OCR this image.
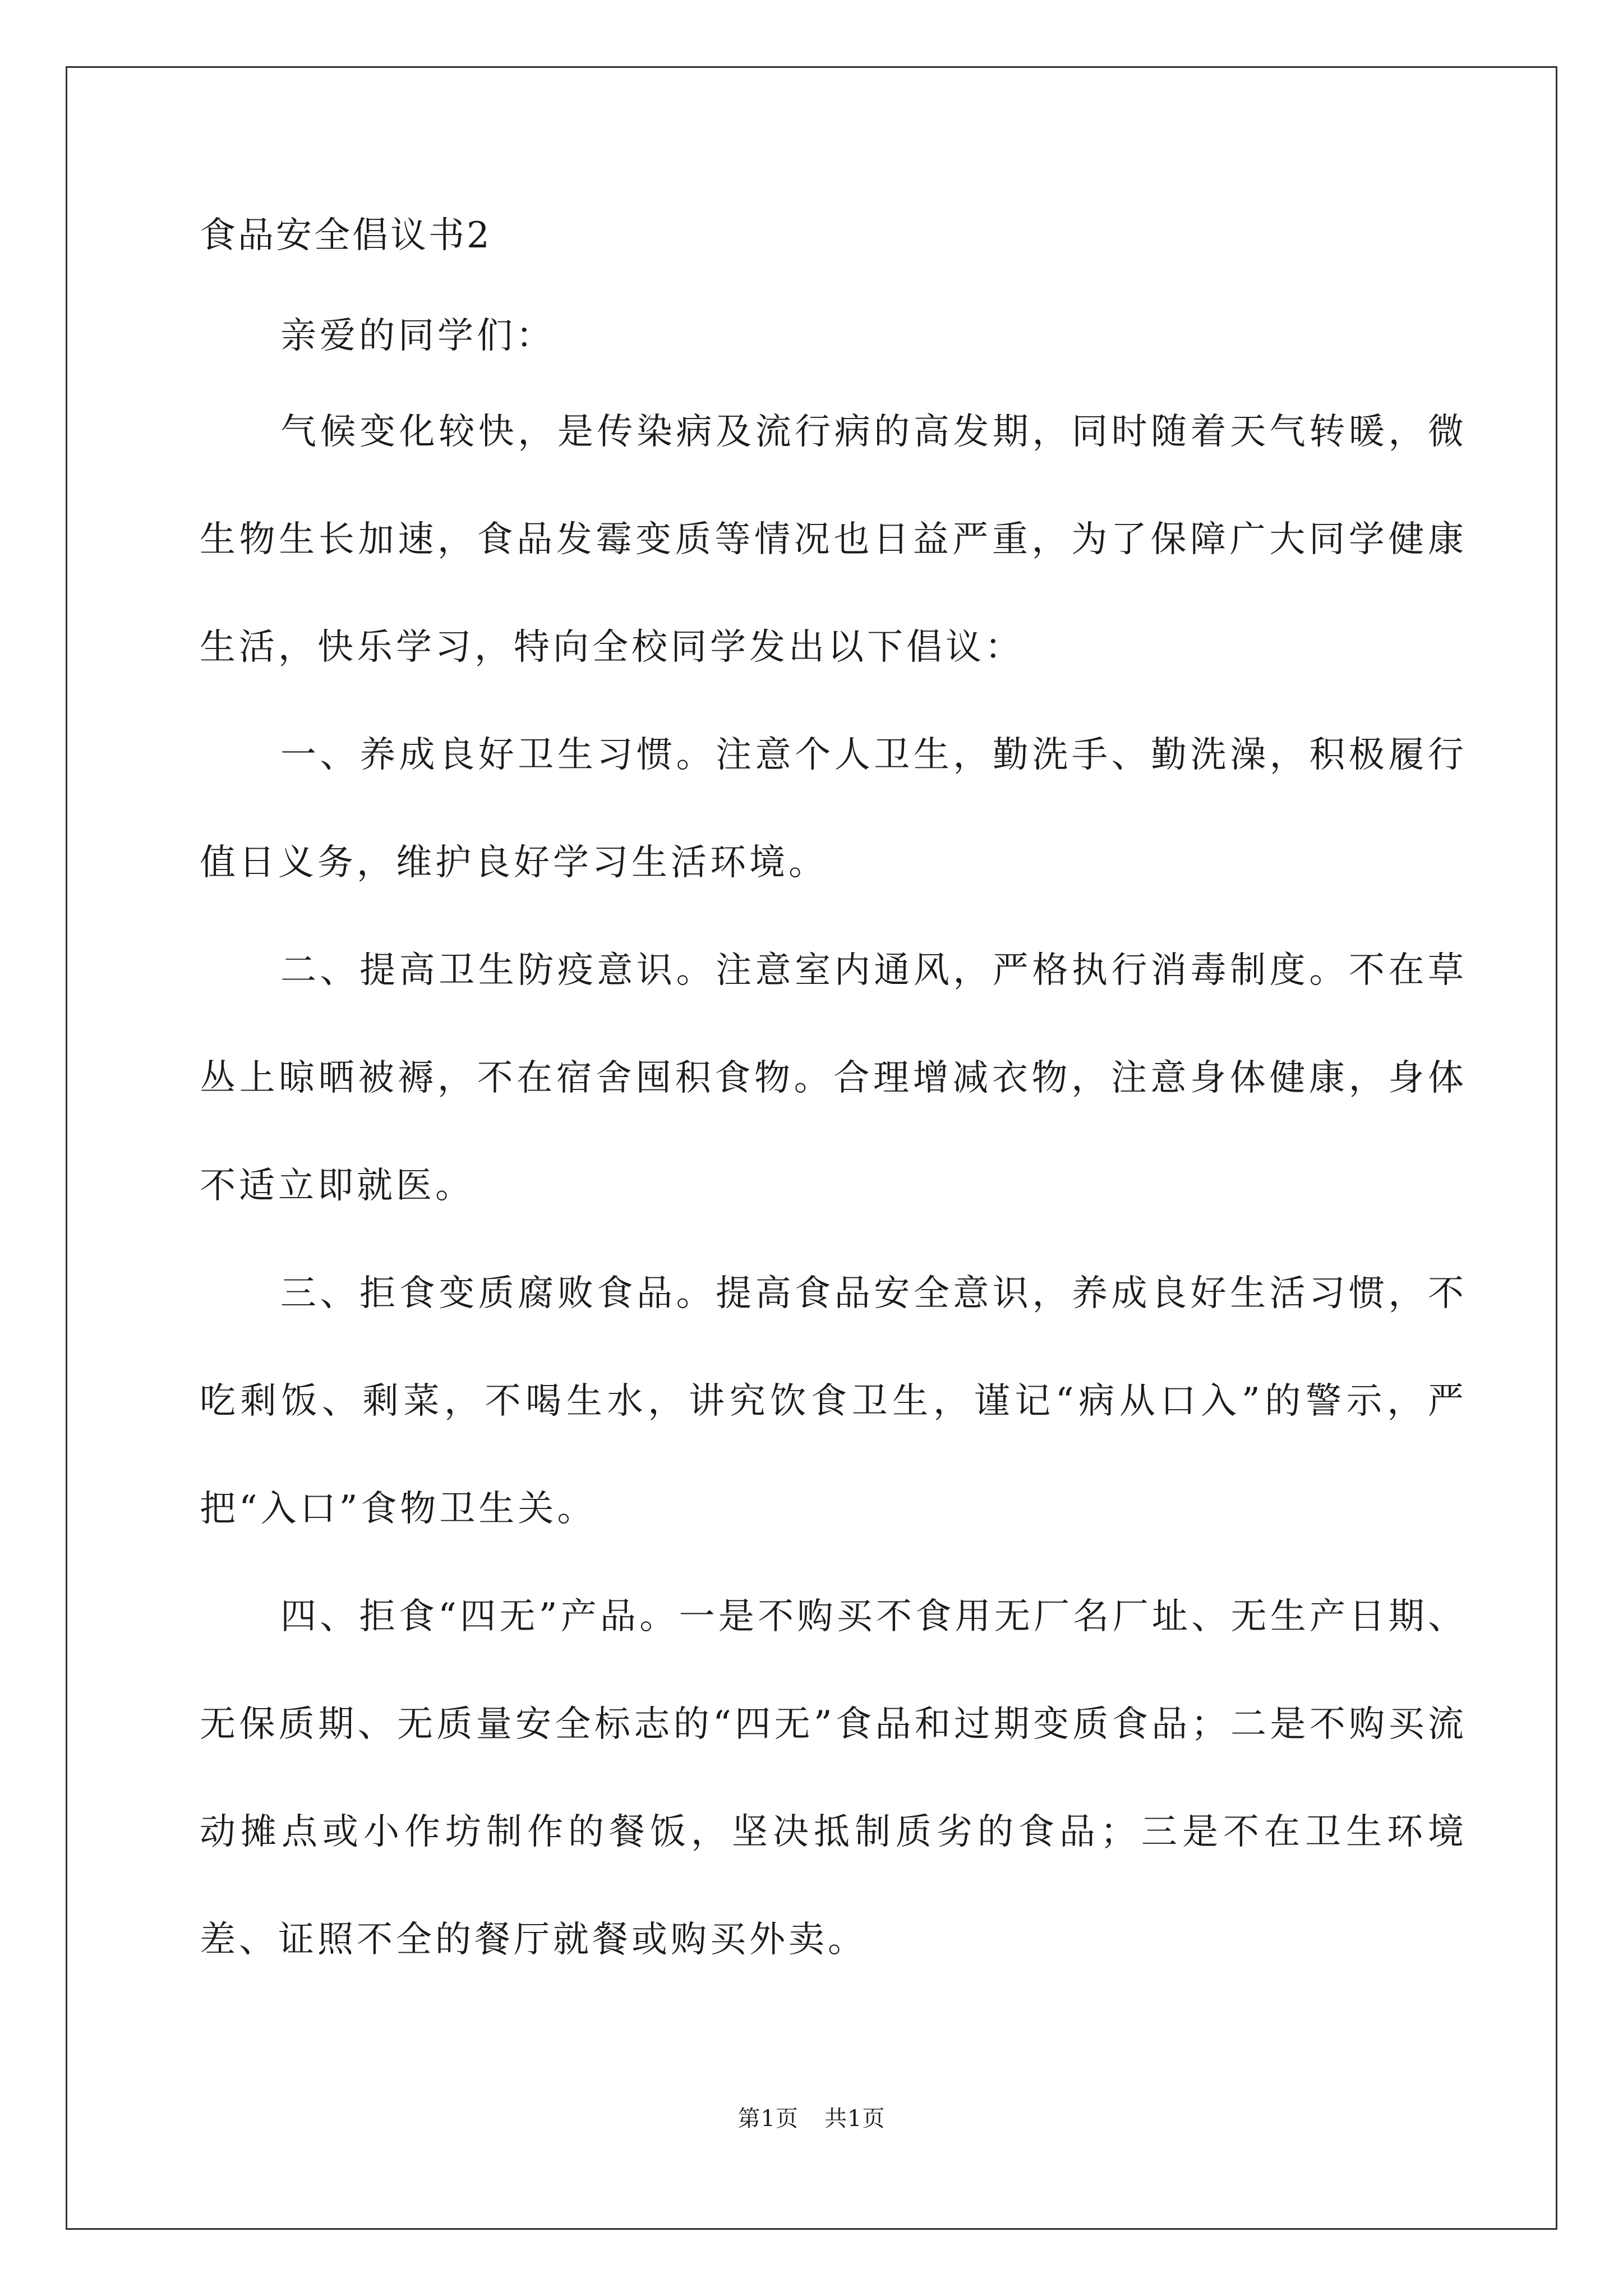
食品安全倡议书2

亲爱的同学们：

气候变化较快，是传染病及流行病的高发期，同时随着天气转暖，微生物生长加速，食品发霉变质等情况也日益严重，为了保障广大同学健康生活，快乐学习，特向全校同学发出以下倡议：

一、养成良好卫生习惯。注意个人卫生，勤洗手、勤洗澡，积极履行值日义务，维护良好学习生活环境。

二、提高卫生防疫意识。注意室内通风，严格执行消毒制度。不在草丛上晾晒被褥，不在宿舍囤积食物。合理增减衣物，注意身体健康，身体不适立即就医。

三、拒食变质腐败食品。提高食品安全意识，养成良好生活习惯，不吃剩饭、剩菜，不喝生水，讲究饮食卫生，谨记“病从口入”的警示，严把“入口”食物卫生关。

四、拒食“四无”产品。一是不购买不食用无厂名厂址、无生产日期、无保质期、无质量安全标志的“四无”食品和过期变质食品；二是不购买流动摊点或小作坊制作的餐饭，坚决抵制质劣的食品；三是不在卫生环境差、证照不全的餐厅就餐或购买外卖。

第1页 共1页
